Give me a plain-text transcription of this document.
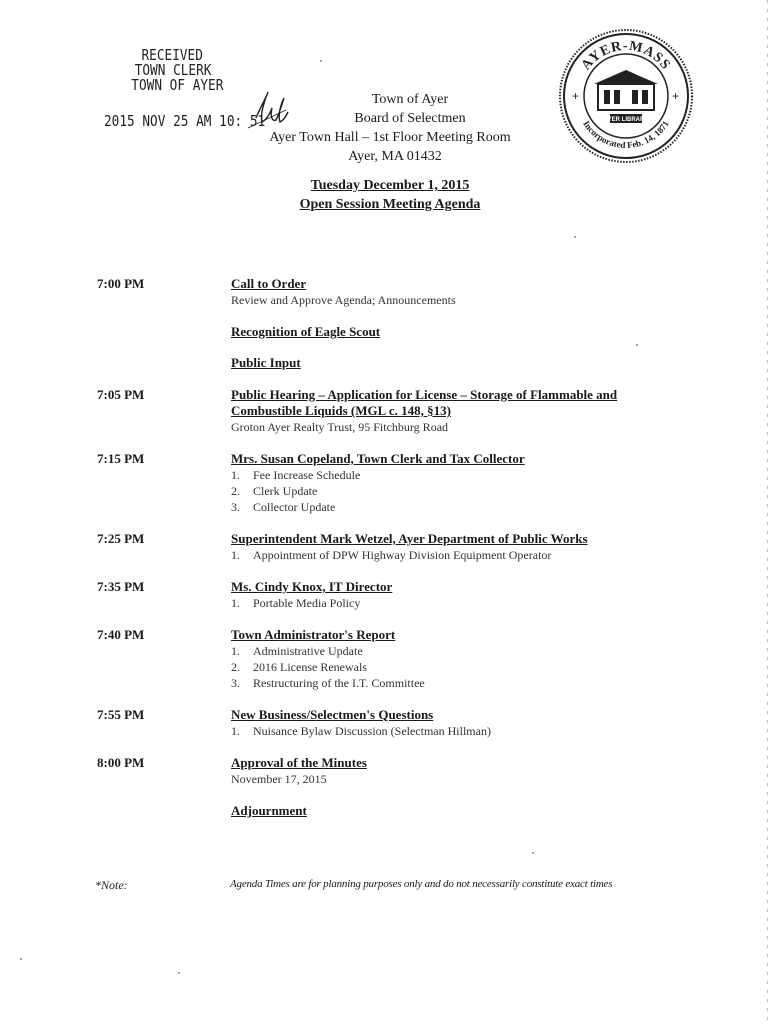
RECEIVED
TOWN CLERK
TOWN OF AYER
2015 NOV 25 AM 10: 51
Town of Ayer
Board of Selectmen
Ayer Town Hall – 1st Floor Meeting Room
Ayer, MA 01432
Tuesday December 1, 2015
Open Session Meeting Agenda
AYER-MASS
Incorporated Feb. 14, 1871
AYER LIBRARY
+	+
7:00 PM	Call to Order
Review and Approve Agenda; Announcements
Recognition of Eagle Scout
Public Input
7:05 PM	Public Hearing – Application for License – Storage of Flammable and Combustible Liquids (MGL c. 148, §13)
Groton Ayer Realty Trust, 95 Fitchburg Road
7:15 PM	Mrs. Susan Copeland, Town Clerk and Tax Collector
1. Fee Increase Schedule
2. Clerk Update
3. Collector Update
7:25 PM	Superintendent Mark Wetzel, Ayer Department of Public Works
1. Appointment of DPW Highway Division Equipment Operator
7:35 PM	Ms. Cindy Knox, IT Director
1. Portable Media Policy
7:40 PM	Town Administrator's Report
1. Administrative Update
2. 2016 License Renewals
3. Restructuring of the I.T. Committee
7:55 PM	New Business/Selectmen's Questions
1. Nuisance Bylaw Discussion (Selectman Hillman)
8:00 PM	Approval of the Minutes
November 17, 2015
Adjournment
*Note:	Agenda Times are for planning purposes only and do not necessarily constitute exact times
